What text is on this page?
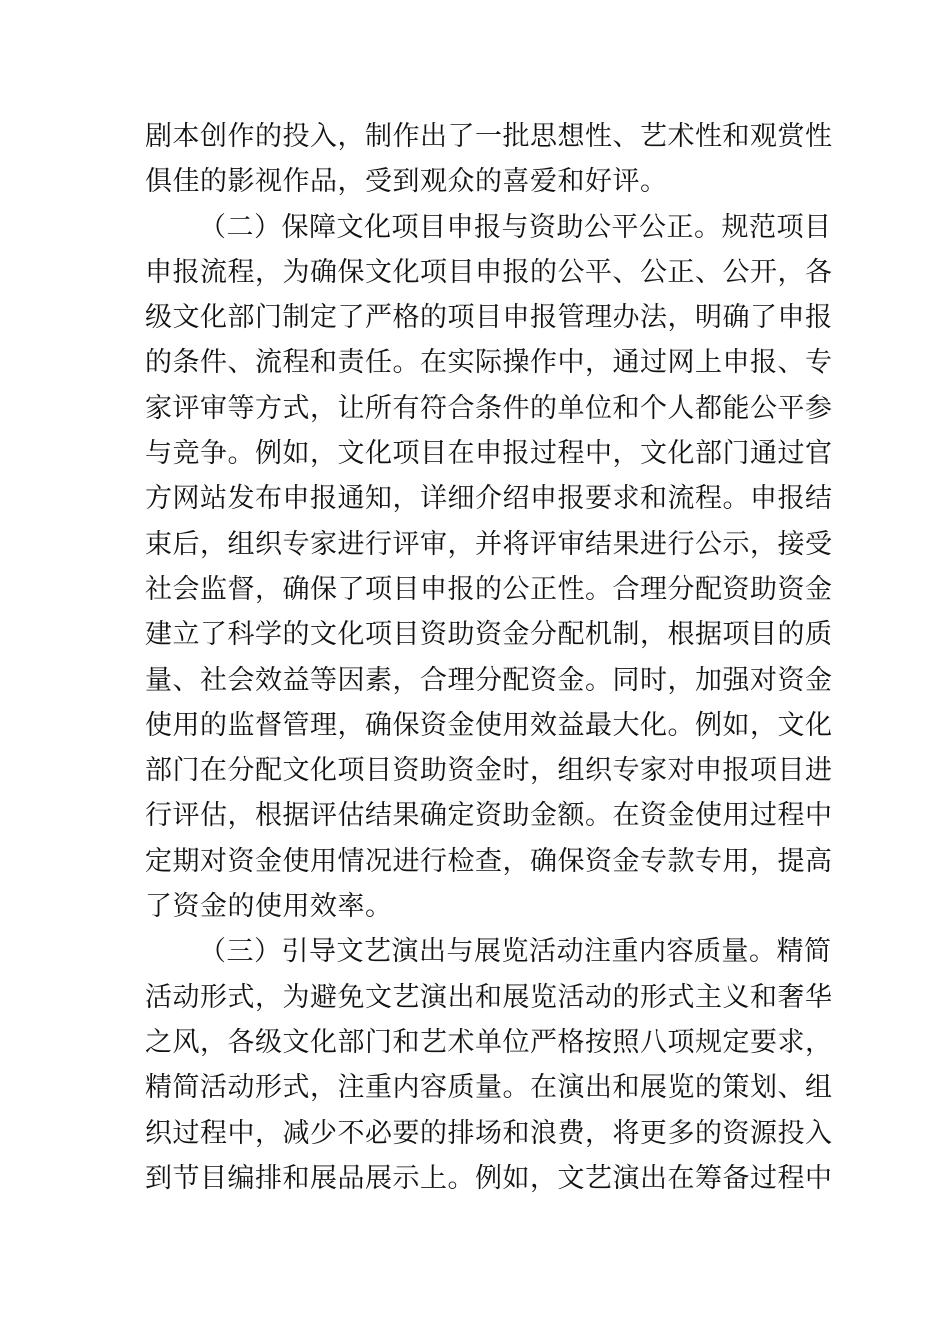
剧本创作的投入，制作出了一批思想性、艺术性和观赏性
俱佳的影视作品，受到观众的喜爱和好评。
（二）保障文化项目申报与资助公平公正。规范项目
申报流程，为确保文化项目申报的公平、公正、公开，各
级文化部门制定了严格的项目申报管理办法，明确了申报
的条件、流程和责任。在实际操作中，通过网上申报、专
家评审等方式，让所有符合条件的单位和个人都能公平参
与竞争。例如，文化项目在申报过程中，文化部门通过官
方网站发布申报通知，详细介绍申报要求和流程。申报结
束后，组织专家进行评审，并将评审结果进行公示，接受
社会监督，确保了项目申报的公正性。合理分配资助资金
建立了科学的文化项目资助资金分配机制，根据项目的质
量、社会效益等因素，合理分配资金。同时，加强对资金
使用的监督管理，确保资金使用效益最大化。例如，文化
部门在分配文化项目资助资金时，组织专家对申报项目进
行评估，根据评估结果确定资助金额。在资金使用过程中
定期对资金使用情况进行检查，确保资金专款专用，提高
了资金的使用效率。
（三）引导文艺演出与展览活动注重内容质量。精简
活动形式，为避免文艺演出和展览活动的形式主义和奢华
之风，各级文化部门和艺术单位严格按照八项规定要求，
精简活动形式，注重内容质量。在演出和展览的策划、组
织过程中，减少不必要的排场和浪费，将更多的资源投入
到节目编排和展品展示上。例如，文艺演出在筹备过程中
